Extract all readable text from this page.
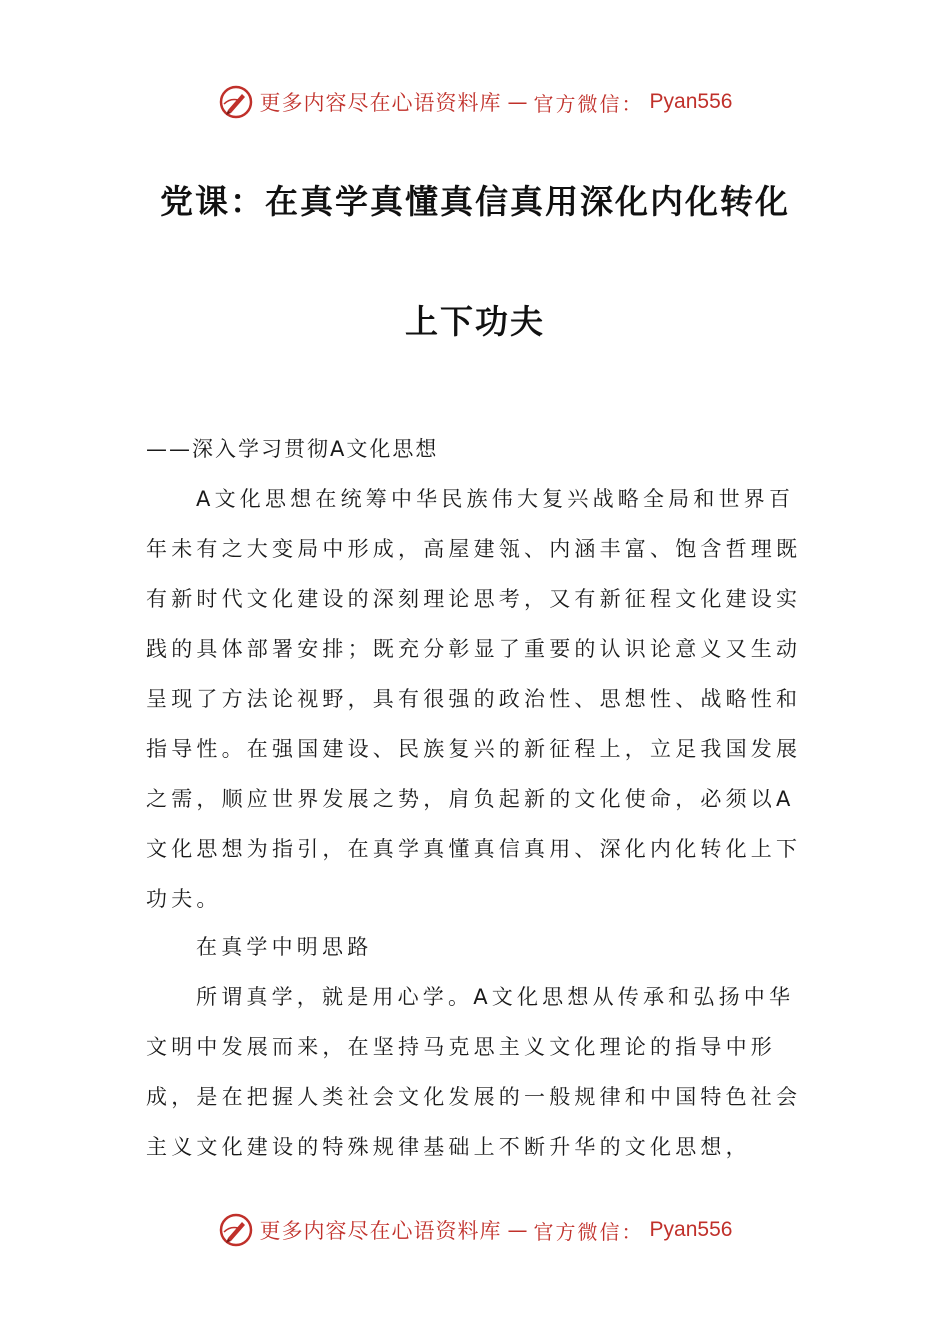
更多内容尽在心语资料库 — 官方微信： Pyan556
党课：在真学真懂真信真用深化内化转化
上下功夫

——深入学习贯彻A文化思想

A文化思想在统筹中华民族伟大复兴战略全局和世界百年未有之大变局中形成，高屋建瓴、内涵丰富、饱含哲理既有新时代文化建设的深刻理论思考，又有新征程文化建设实践的具体部署安排；既充分彰显了重要的认识论意义又生动呈现了方法论视野，具有很强的政治性、思想性、战略性和指导性。在强国建设、民族复兴的新征程上，立足我国发展之需，顺应世界发展之势，肩负起新的文化使命，必须以A文化思想为指引，在真学真懂真信真用、深化内化转化上下功夫。

在真学中明思路

所谓真学，就是用心学。A文化思想从传承和弘扬中华文明中发展而来，在坚持马克思主义文化理论的指导中形成，是在把握人类社会文化发展的一般规律和中国特色社会主义文化建设的特殊规律基础上不断升华的文化思想，

更多内容尽在心语资料库 — 官方微信： Pyan556
